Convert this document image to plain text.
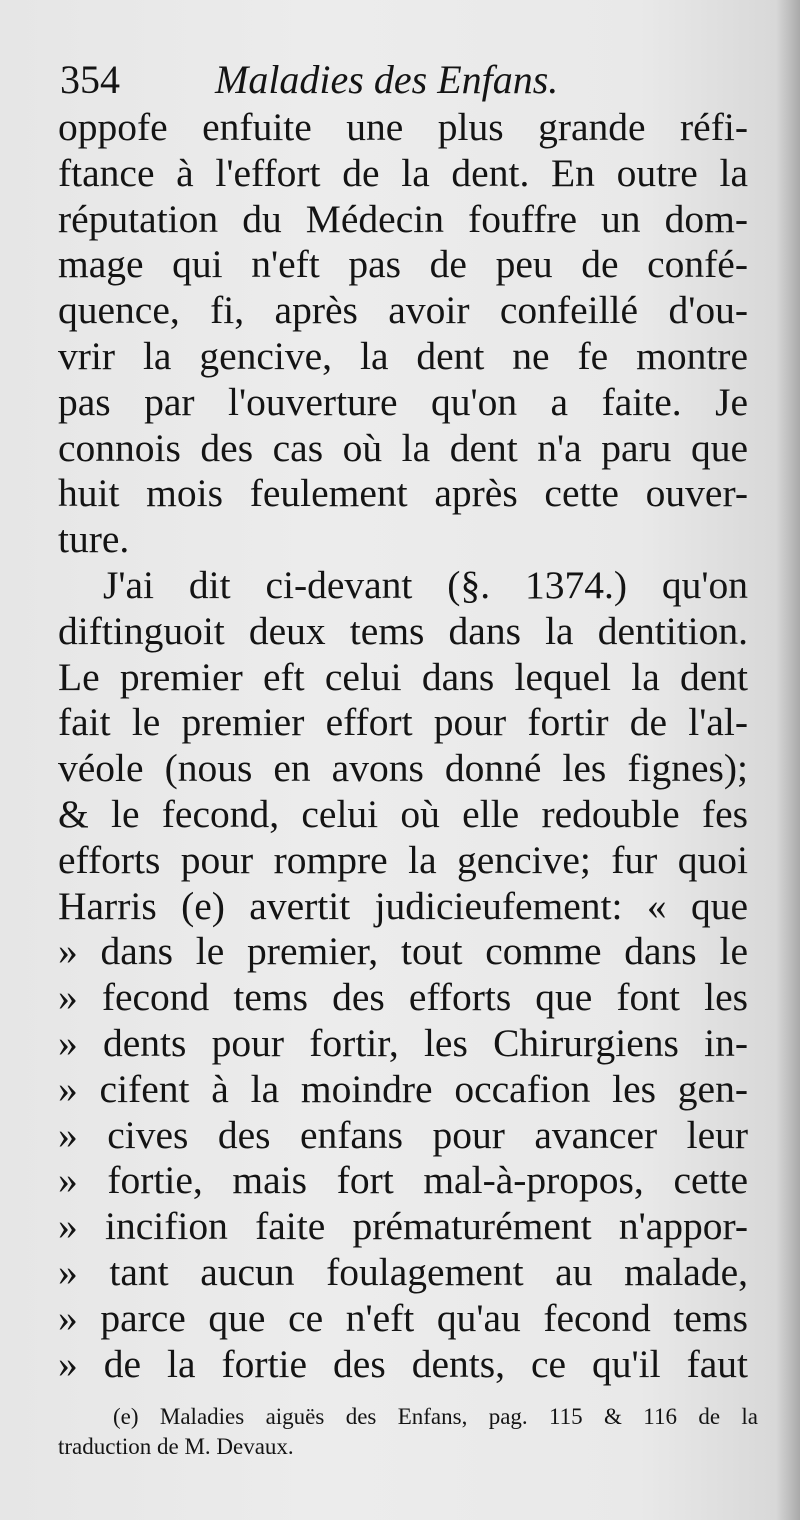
354 Maladies des Enfans.
oppofe enfuite une plus grande réfi-
ftance à l'effort de la dent. En outre la
réputation du Médecin fouffre un dom-
mage qui n'eft pas de peu de confé-
quence, fi, après avoir confeillé d'ou-
vrir la gencive, la dent ne fe montre
pas par l'ouverture qu'on a faite. Je
connois des cas où la dent n'a paru que
huit mois feulement après cette ouver-
ture.
J'ai dit ci-devant (§. 1374.) qu'on
diftinguoit deux tems dans la dentition.
Le premier eft celui dans lequel la dent
fait le premier effort pour fortir de l'al-
véole (nous en avons donné les fignes);
& le fecond, celui où elle redouble fes
efforts pour rompre la gencive; fur quoi
Harris (e) avertit judicieufement: « que
» dans le premier, tout comme dans le
» fecond tems des efforts que font les
» dents pour fortir, les Chirurgiens in-
» cifent à la moindre occafion les gen-
» cives des enfans pour avancer leur
» fortie, mais fort mal-à-propos, cette
» incifion faite prématurément n'appor-
» tant aucun foulagement au malade,
» parce que ce n'eft qu'au fecond tems
» de la fortie des dents, ce qu'il faut
(e) Maladies aiguës des Enfans, pag. 115 & 116 de la
traduction de M. Devaux.
